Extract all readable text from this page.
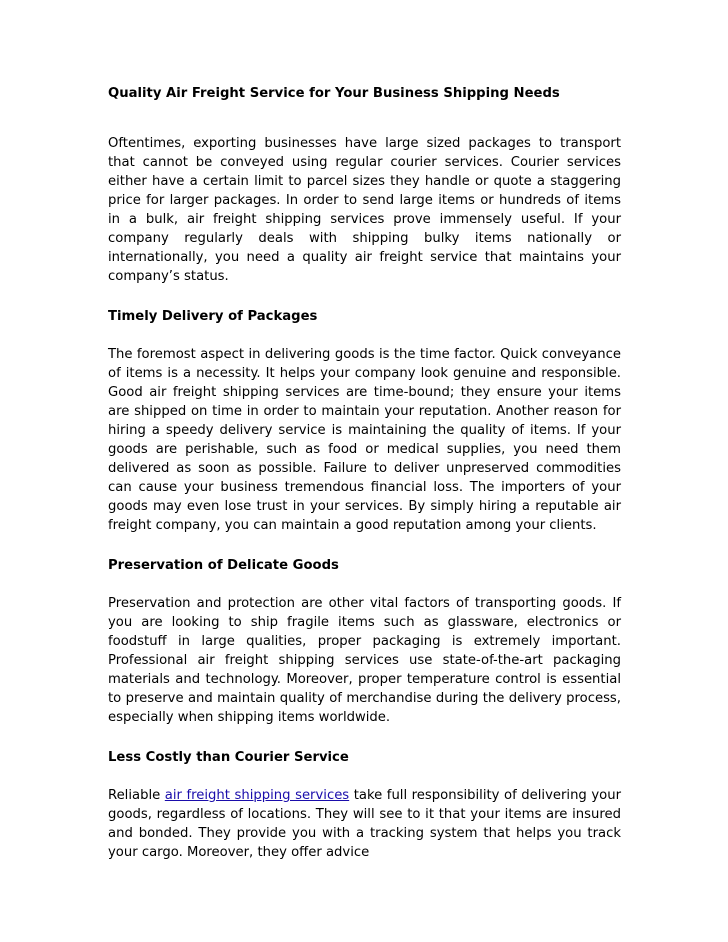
Quality Air Freight Service for Your Business Shipping Needs

Oftentimes, exporting businesses have large sized packages to transport that cannot be conveyed using regular courier services. Courier services either have a certain limit to parcel sizes they handle or quote a staggering price for larger packages. In order to send large items or hundreds of items in a bulk, air freight shipping services prove immensely useful. If your company regularly deals with shipping bulky items nationally or internationally, you need a quality air freight service that maintains your company’s status.

Timely Delivery of Packages

The foremost aspect in delivering goods is the time factor. Quick conveyance of items is a necessity. It helps your company look genuine and responsible. Good air freight shipping services are time-bound; they ensure your items are shipped on time in order to maintain your reputation. Another reason for hiring a speedy delivery service is maintaining the quality of items. If your goods are perishable, such as food or medical supplies, you need them delivered as soon as possible. Failure to deliver unpreserved commodities can cause your business tremendous financial loss. The importers of your goods may even lose trust in your services. By simply hiring a reputable air freight company, you can maintain a good reputation among your clients.

Preservation of Delicate Goods

Preservation and protection are other vital factors of transporting goods. If you are looking to ship fragile items such as glassware, electronics or foodstuff in large qualities, proper packaging is extremely important. Professional air freight shipping services use state-of-the-art packaging materials and technology. Moreover, proper temperature control is essential to preserve and maintain quality of merchandise during the delivery process, especially when shipping items worldwide.

Less Costly than Courier Service

Reliable air freight shipping services take full responsibility of delivering your goods, regardless of locations. They will see to it that your items are insured and bonded. They provide you with a tracking system that helps you track your cargo. Moreover, they offer advice
